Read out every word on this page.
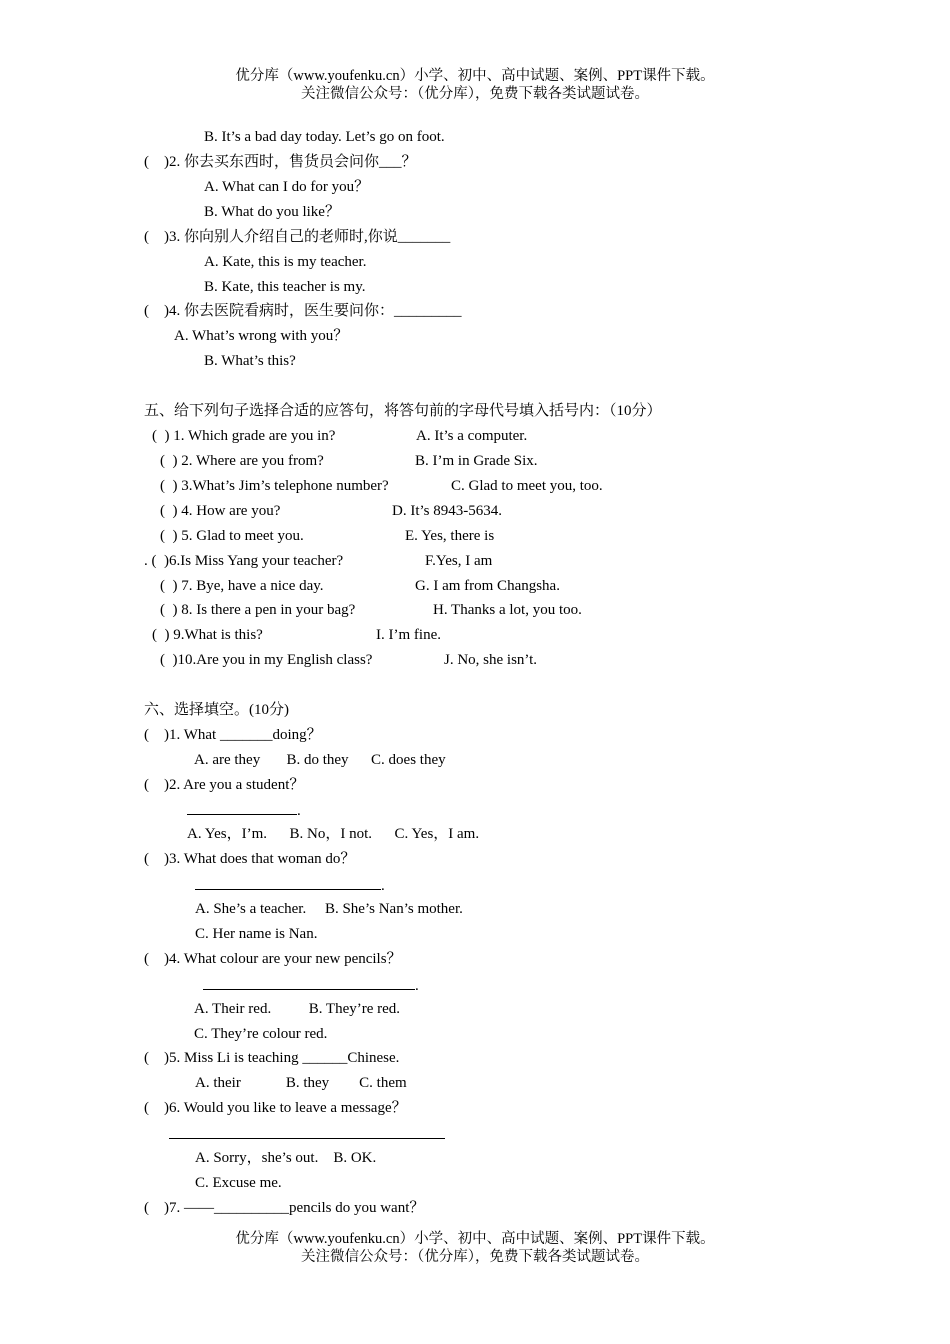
优分库（www.youfenku.cn）小学、初中、高中试题、案例、PPT课件下载。
关注微信公众号：（优分库），免费下载各类试题试卷。
B. It’s a bad day today. Let’s go on foot.
(    )2. 你去买东西时，售货员会问你___？
A. What can I do for you？
B. What do you like？
(    )3. 你向别人介绍自己的老师时,你说_______
A. Kate, this is my teacher.
B. Kate, this teacher is my.
(    )4. 你去医院看病时，医生要问你：_________
A. What’s wrong with you？
B. What’s this?
五、给下列句子选择合适的应答句，将答句前的字母代号填入括号内：（10分）
(  ) 1. Which grade are you in?	A. It’s a computer.
(  ) 2. Where are you from?	B. I’m in Grade Six.
(  ) 3.What’s Jim’s telephone number?	C. Glad to meet you, too.
(  ) 4. How are you?	D. It’s 8943-5634.
(  ) 5. Glad to meet you.	E. Yes, there is
. (  )6.Is Miss Yang your teacher?	F.Yes, I am
(  ) 7. Bye, have a nice day.	G. I am from Changsha.
(  ) 8. Is there a pen in your bag?	H. Thanks a lot, you too.
(  ) 9.What is this?	I. I’m fine.
(  )10.Are you in my English class?	J. No, she isn’t.
六、选择填空。(10分)
(    )1. What _______doing？
A. are they       B. do they      C. does they
(    )2. Are you a student？
.
A. Yes，I’m.      B. No，I not.      C. Yes，I am.
(    )3. What does that woman do？
.
A. She’s a teacher.     B. She’s Nan’s mother.
C. Her name is Nan.
(    )4. What colour are your new pencils？
.
A. Their red.          B. They’re red.
C. They’re colour red.
(    )5. Miss Li is teaching ______Chinese.
A. their            B. they        C. them
(    )6. Would you like to leave a message？
A. Sorry，she’s out.    B. OK.
C. Excuse me.
(    )7. ——__________pencils do you want？
优分库（www.youfenku.cn）小学、初中、高中试题、案例、PPT课件下载。
关注微信公众号：（优分库），免费下载各类试题试卷。
